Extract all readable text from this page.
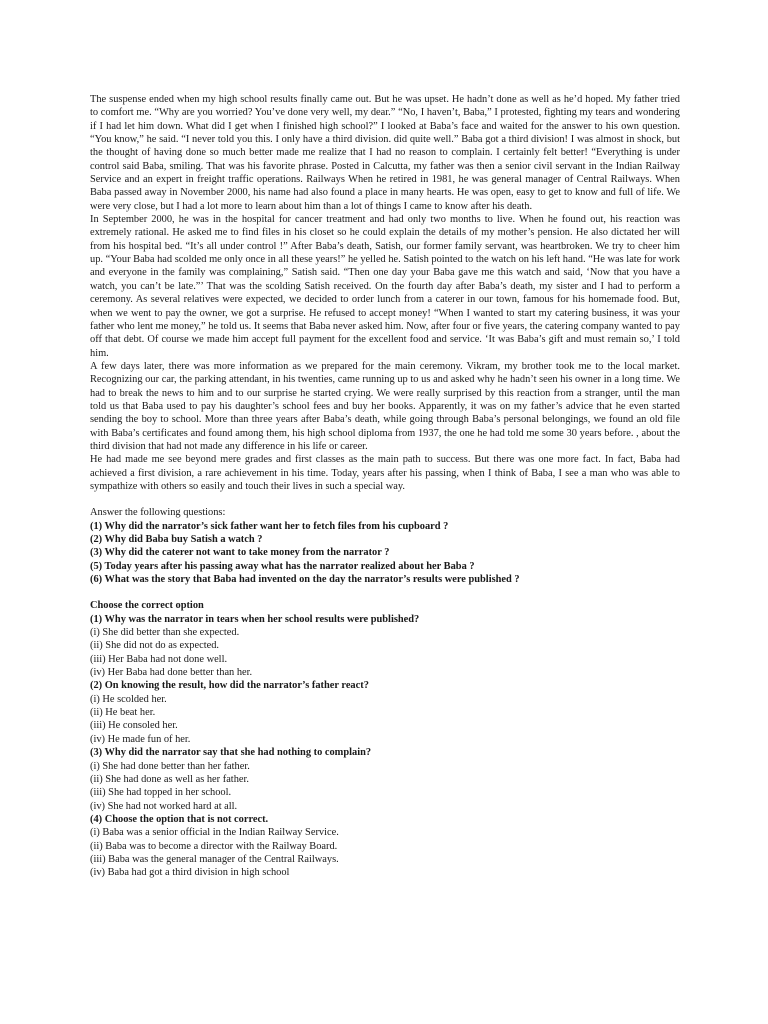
The suspense ended when my high school results finally came out. But he was upset. He hadn’t done as well as he’d hoped. My father tried to comfort me. “Why are you worried? You’ve done very well, my dear.” “No, I haven’t, Baba,” I protested, fighting my tears and wondering if I had let him down. What did I get when I finished high school?” I looked at Baba’s face and waited for the answer to his own question. “You know,” he said. “I never told you this. I only have a third division. did quite well.” Baba got a third division! I was almost in shock, but the thought of having done so much better made me realize that I had no reason to complain. I certainly felt better! “Everything is under control said Baba, smiling. That was his favorite phrase. Posted in Calcutta, my father was then a senior civil servant in the Indian Railway Service and an expert in freight traffic operations. Railways When he retired in 1981, he was general manager of Central Railways. When Baba passed away in November 2000, his name had also found a place in many hearts. He was open, easy to get to know and full of life. We were very close, but I had a lot more to learn about him than a lot of things I came to know after his death.

In September 2000, he was in the hospital for cancer treatment and had only two months to live. When he found out, his reaction was extremely rational. He asked me to find files in his closet so he could explain the details of my mother’s pension. He also dictated her will from his hospital bed. “It’s all under control !” After Baba’s death, Satish, our former family servant, was heartbroken. We try to cheer him up. “Your Baba had scolded me only once in all these years!” he yelled he. Satish pointed to the watch on his left hand. “He was late for work and everyone in the family was complaining,” Satish said. “Then one day your Baba gave me this watch and said, ‘Now that you have a watch, you can’t be late.”’ That was the scolding Satish received. On the fourth day after Baba’s death, my sister and I had to perform a ceremony. As several relatives were expected, we decided to order lunch from a caterer in our town, famous for his homemade food. But, when we went to pay the owner, we got a surprise. He refused to accept money! “When I wanted to start my catering business, it was your father who lent me money,” he told us. It seems that Baba never asked him. Now, after four or five years, the catering company wanted to pay off that debt. Of course we made him accept full payment for the excellent food and service. ‘It was Baba’s gift and must remain so,’ I told him.

A few days later, there was more information as we prepared for the main ceremony. Vikram, my brother took me to the local market. Recognizing our car, the parking attendant, in his twenties, came running up to us and asked why he hadn’t seen his owner in a long time. We had to break the news to him and to our surprise he started crying. We were really surprised by this reaction from a stranger, until the man told us that Baba used to pay his daughter’s school fees and buy her books. Apparently, it was on my father’s advice that he even started sending the boy to school. More than three years after Baba’s death, while going through Baba’s personal belongings, we found an old file with Baba’s certificates and found among them, his high school diploma from 1937, the one he had told me some 30 years before. , about the third division that had not made any difference in his life or career.

He had made me see beyond mere grades and first classes as the main path to success. But there was one more fact. In fact, Baba had achieved a first division, a rare achievement in his time. Today, years after his passing, when I think of Baba, I see a man who was able to sympathize with others so easily and touch their lives in such a special way.

Answer the following questions:

(1) Why did the narrator’s sick father want her to fetch files from his cupboard ?
(2) Why did Baba buy Satish a watch ?
(3) Why did the caterer not want to take money from the narrator ?
(5) Today years after his passing away what has the narrator realized about her Baba ?
(6) What was the story that Baba had invented on the day the narrator’s results were published ?

Choose the correct option

(1) Why was the narrator in tears when her school results were published?
(i) She did better than she expected.
(ii) She did not do as expected.
(iii) Her Baba had not done well.
(iv) Her Baba had done better than her.
(2) On knowing the result, how did the narrator’s father react?
(i) He scolded her.
(ii) He beat her.
(iii) He consoled her.
(iv) He made fun of her.
(3) Why did the narrator say that she had nothing to complain?
(i) She had done better than her father.
(ii) She had done as well as her father.
(iii) She had topped in her school.
(iv) She had not worked hard at all.
(4) Choose the option that is not correct.
(i) Baba was a senior official in the Indian Railway Service.
(ii) Baba was to become a director with the Railway Board.
(iii) Baba was the general manager of the Central Railways.
(iv) Baba had got a third division in high school
